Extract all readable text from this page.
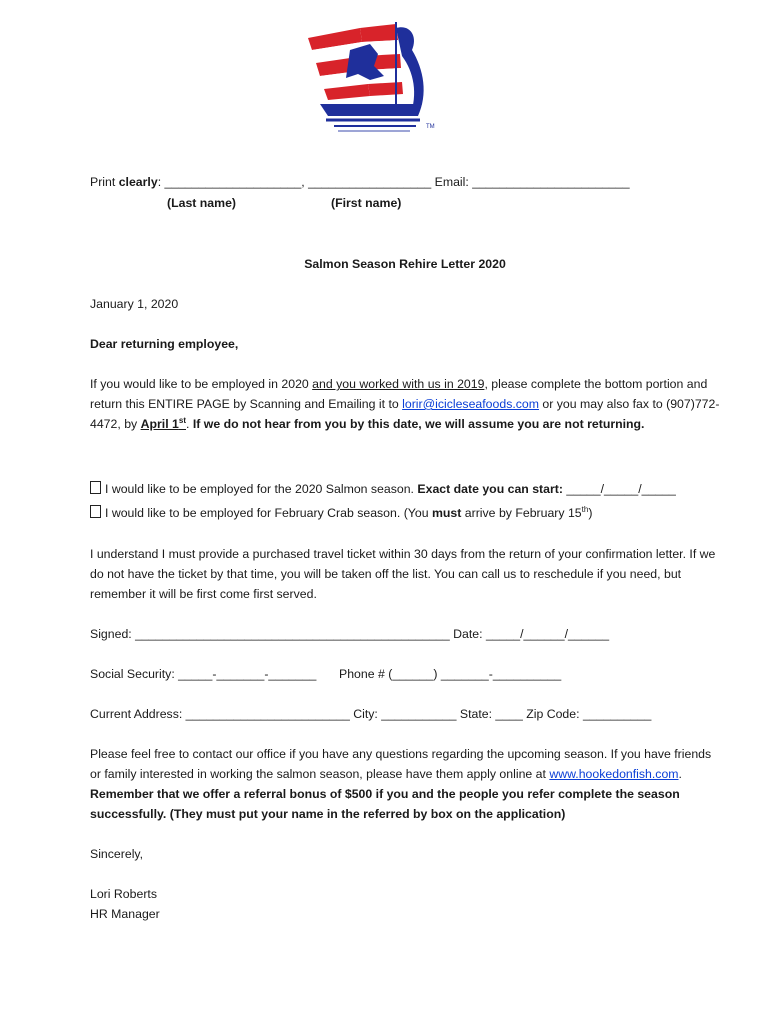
TM
Print clearly: ____________________, __________________ Email: _______________________
(Last name)	(First name)
Salmon Season Rehire Letter 2020
January 1, 2020
Dear returning employee,
If you would like to be employed in 2020 and you worked with us in 2019, please complete the bottom portion and return this ENTIRE PAGE by Scanning and Emailing it to lorir@icicleseafoods.com or you may also fax to (907)772-4472, by April 1st. If we do not hear from you by this date, we will assume you are not returning.
I would like to be employed for the 2020 Salmon season. Exact date you can start: _____/_____/_____
I would like to be employed for February Crab season. (You must arrive by February 15th)
I understand I must provide a purchased travel ticket within 30 days from the return of your confirmation letter. If we do not have the ticket by that time, you will be taken off the list. You can call us to reschedule if you need, but remember it will be first come first served.
Signed: ______________________________________________ Date: _____/______/______
Social Security: _____-_______-_______ Phone # (______) _______-__________
Current Address: ________________________ City: ___________ State: ____ Zip Code: __________
Please feel free to contact our office if you have any questions regarding the upcoming season. If you have friends or family interested in working the salmon season, please have them apply online at www.hookedonfish.com. Remember that we offer a referral bonus of $500 if you and the people you refer complete the season successfully. (They must put your name in the referred by box on the application)
Sincerely,
Lori Roberts
HR Manager
